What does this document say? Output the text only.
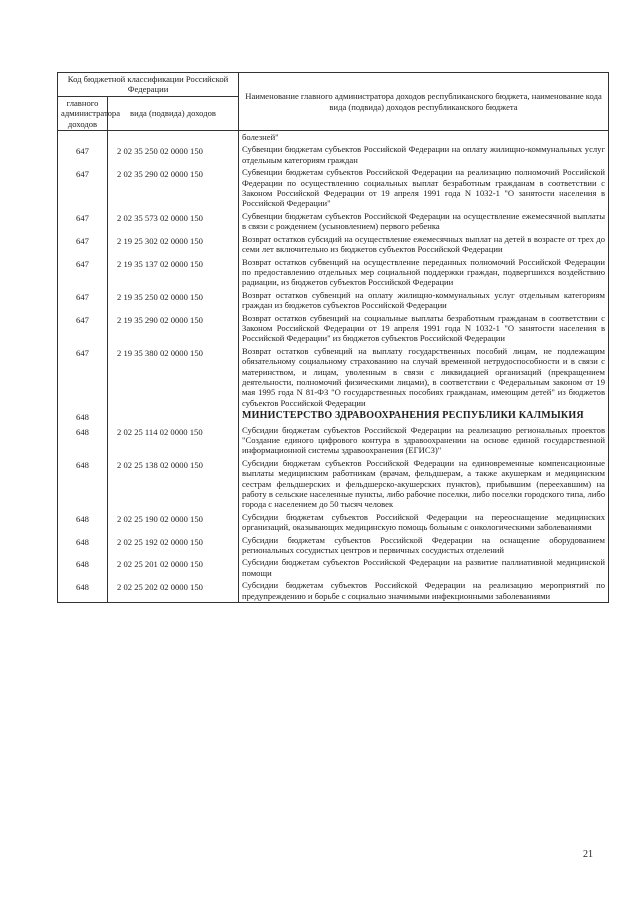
Код бюджетной классификации Российской Федерации		Наименование главного администратора доходов республиканского бюджета, наименование кода вида (подвида) доходов республиканского бюджета
главного администратора доходов	вида (подвида) доходов	
		болезней"
647	2 02 35 250 02 0000 150	Субвенции бюджетам субъектов Российской Федерации на оплату жилищно-коммунальных услуг отдельным категориям граждан
647	2 02 35 290 02 0000 150	Субвенции бюджетам субъектов Российской Федерации на реализацию полномочий Российской Федерации по осуществлению социальных выплат безработным гражданам в соответствии с Законом Российской Федерации от 19 апреля 1991 года N 1032-1 "О занятости населения в Российской Федерации"
647	2 02 35 573 02 0000 150	Субвенции бюджетам субъектов Российской Федерации на осуществление ежемесячной выплаты в связи с рождением (усыновлением) первого ребенка
647	2 19 25 302 02 0000 150	Возврат остатков субсидий на осуществление ежемесячных выплат на детей в возрасте от трех до семи лет включительно из бюджетов субъектов Российской Федерации
647	2 19 35 137 02 0000 150	Возврат остатков субвенций на осуществление переданных полномочий Российской Федерации по предоставлению отдельных мер социальной поддержки граждан, подвергшихся воздействию радиации, из бюджетов субъектов Российской Федерации
647	2 19 35 250 02 0000 150	Возврат остатков субвенций на оплату жилищно-коммунальных услуг отдельным категориям граждан из бюджетов субъектов Российской Федерации
647	2 19 35 290 02 0000 150	Возврат остатков субвенций на социальные выплаты безработным гражданам в соответствии с Законом Российской Федерации от 19 апреля 1991 года N 1032-1 "О занятости населения в Российской Федерации" из бюджетов субъектов Российской Федерации
647	2 19 35 380 02 0000 150	Возврат остатков субвенций на выплату государственных пособий лицам, не подлежащим обязательному социальному страхованию на случай временной нетрудоспособности и в связи с материнством, и лицам, уволенным в связи с ликвидацией организаций (прекращением деятельности, полномочий физическими лицами), в соответствии с Федеральным законом от 19 мая 1995 года N 81-ФЗ "О государственных пособиях гражданам, имеющим детей" из бюджетов субъектов Российской Федерации
648		МИНИСТЕРСТВО ЗДРАВООХРАНЕНИЯ РЕСПУБЛИКИ КАЛМЫКИЯ
648	2 02 25 114 02 0000 150	Субсидии бюджетам субъектов Российской Федерации на реализацию региональных проектов "Создание единого цифрового контура в здравоохранении на основе единой государственной информационной системы здравоохранения (ЕГИСЗ)"
648	2 02 25 138 02 0000 150	Субсидии бюджетам субъектов Российской Федерации на единовременные компенсационные выплаты медицинским работникам (врачам, фельдшерам, а также акушеркам и медицинским сестрам фельдшерских и фельдшерско-акушерских пунктов), прибывшим (переехавшим) на работу в сельские населенные пункты, либо рабочие поселки, либо поселки городского типа, либо города с населением до 50 тысяч человек
648	2 02 25 190 02 0000 150	Субсидии бюджетам субъектов Российской Федерации на переоснащение медицинских организаций, оказывающих медицинскую помощь больным с онкологическими заболеваниями
648	2 02 25 192 02 0000 150	Субсидии бюджетам субъектов Российской Федерации на оснащение оборудованием региональных сосудистых центров и первичных сосудистых отделений
648	2 02 25 201 02 0000 150	Субсидии бюджетам субъектов Российской Федерации на развитие паллиативной медицинской помощи
648	2 02 25 202 02 0000 150	Субсидии бюджетам субъектов Российской Федерации на реализацию мероприятий по предупреждению и борьбе с социально значимыми инфекционными заболеваниями
21
